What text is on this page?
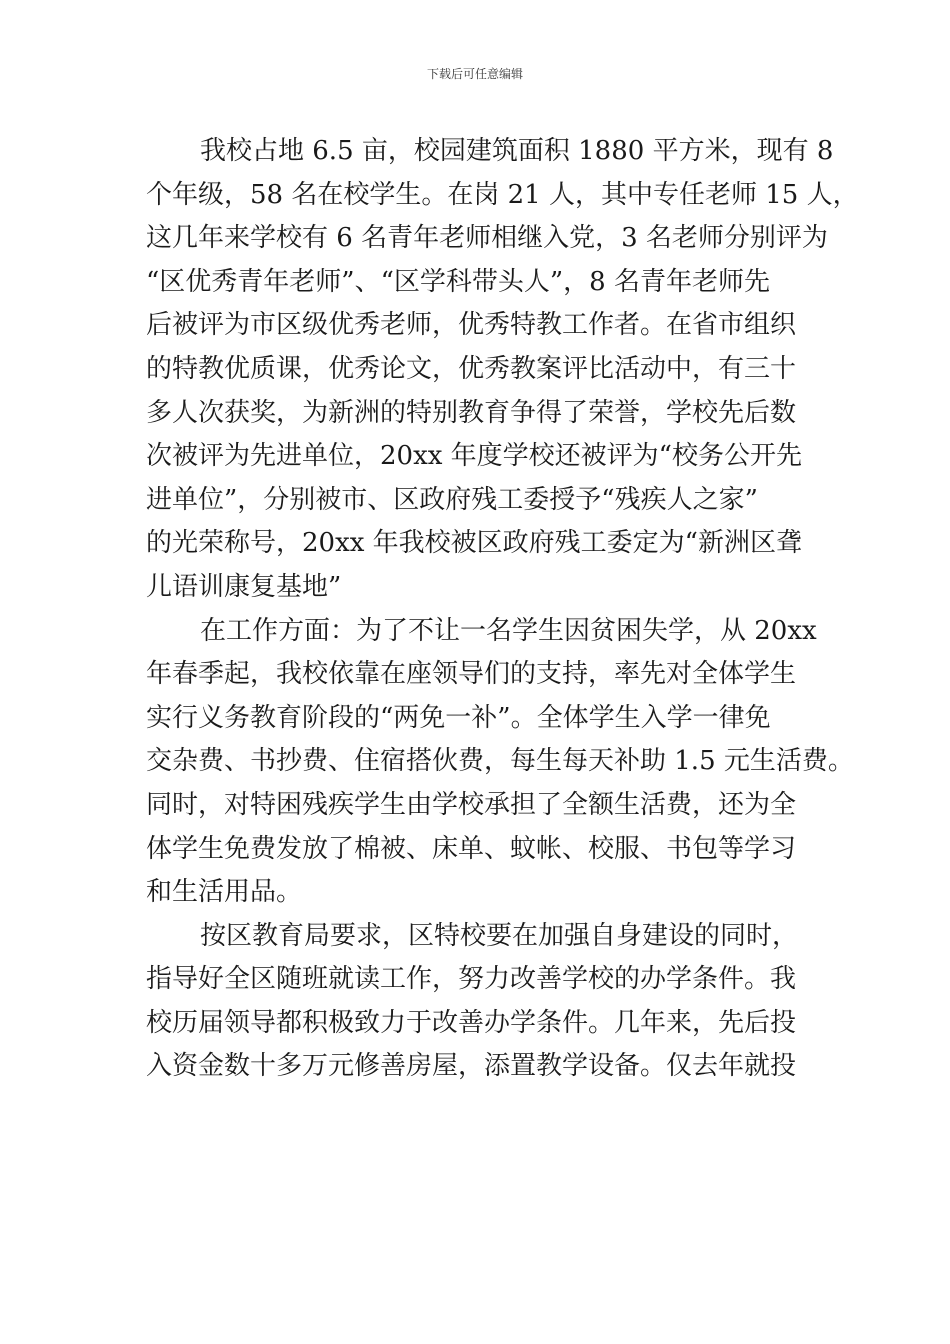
下载后可任意编辑
我校占地 6.5 亩，校园建筑面积 1880 平方米，现有 8
个年级，58 名在校学生。在岗 21 人，其中专任老师 15 人，
这几年来学校有 6 名青年老师相继入党，3 名老师分别评为
“区优秀青年老师”、“区学科带头人”，8 名青年老师先
后被评为市区级优秀老师，优秀特教工作者。在省市组织
的特教优质课，优秀论文，优秀教案评比活动中，有三十
多人次获奖，为新洲的特别教育争得了荣誉，学校先后数
次被评为先进单位，20xx 年度学校还被评为“校务公开先
进单位”，分别被市、区政府残工委授予“残疾人之家”
的光荣称号，20xx 年我校被区政府残工委定为“新洲区聋
儿语训康复基地”
在工作方面：为了不让一名学生因贫困失学，从 20xx
年春季起，我校依靠在座领导们的支持，率先对全体学生
实行义务教育阶段的“两免一补”。全体学生入学一律免
交杂费、书抄费、住宿搭伙费，每生每天补助 1.5 元生活费。
同时，对特困残疾学生由学校承担了全额生活费，还为全
体学生免费发放了棉被、床单、蚊帐、校服、书包等学习
和生活用品。
按区教育局要求，区特校要在加强自身建设的同时，
指导好全区随班就读工作，努力改善学校的办学条件。我
校历届领导都积极致力于改善办学条件。几年来，先后投
入资金数十多万元修善房屋，添置教学设备。仅去年就投
